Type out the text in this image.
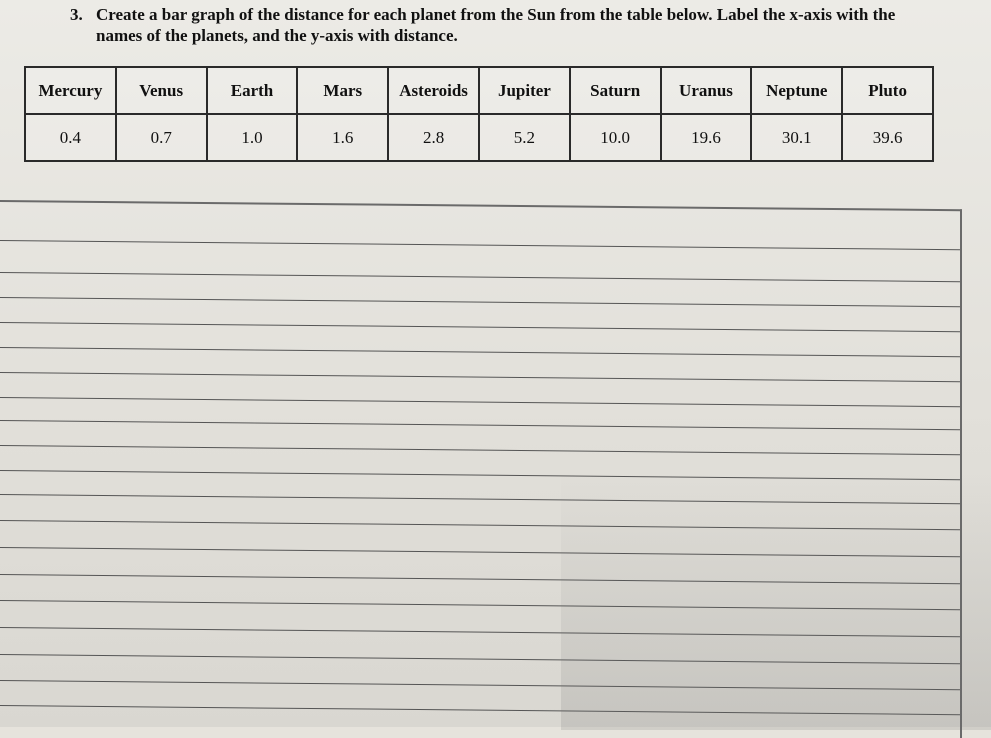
3. Create a bar graph of the distance for each planet from the Sun from the table below. Label the x-axis with the names of the planets, and the y-axis with distance.
Mercury	Venus	Earth	Mars	Asteroids	Jupiter	Saturn	Uranus	Neptune	Pluto
0.4	0.7	1.0	1.6	2.8	5.2	10.0	19.6	30.1	39.6
